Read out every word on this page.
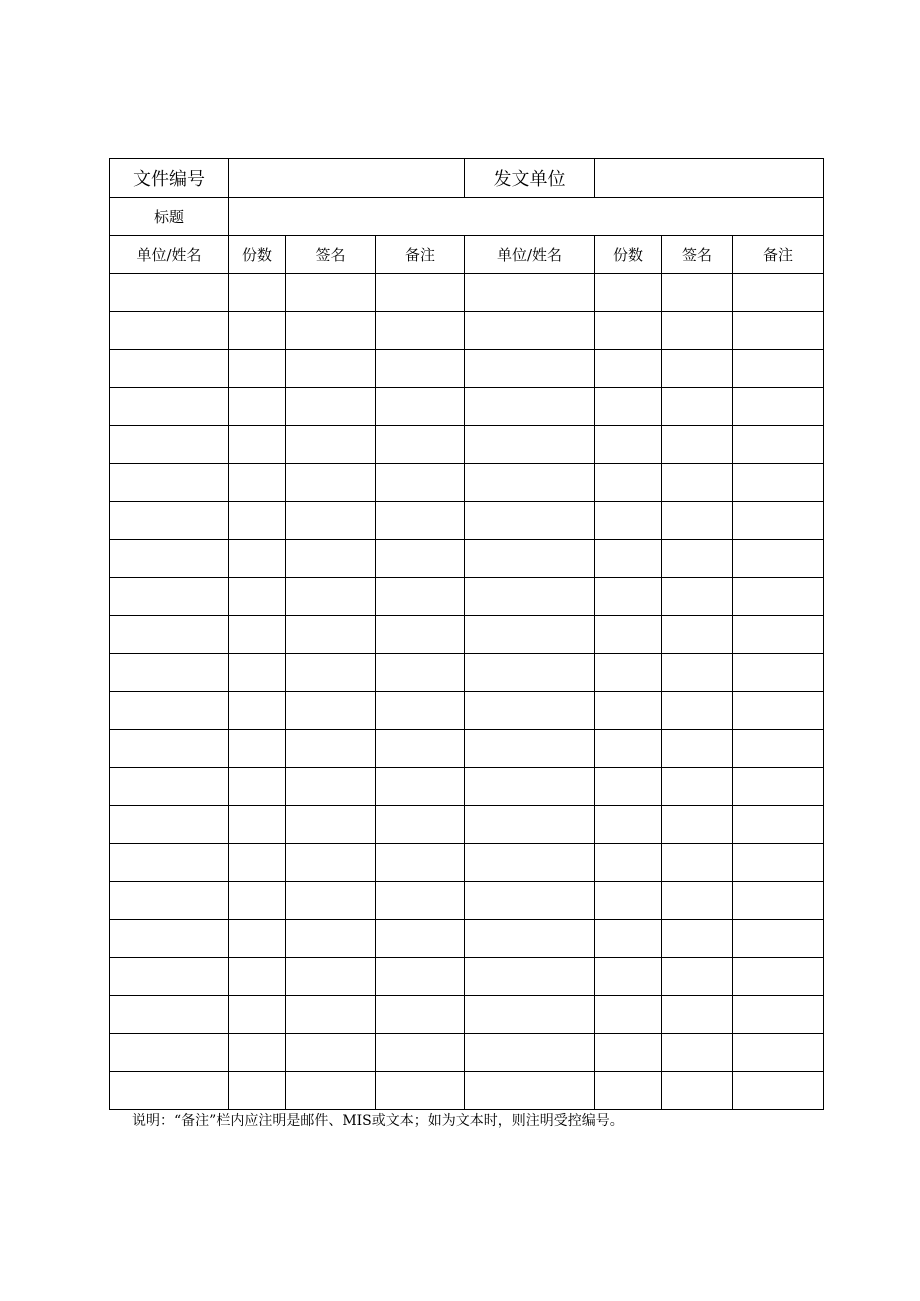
文件编号				发文单位			
标题							
单位/姓名	份数	签名	备注	单位/姓名	份数	签名	备注

说明：“备注”栏内应注明是邮件、MIS或文本；如为文本时，则注明受控编号。
